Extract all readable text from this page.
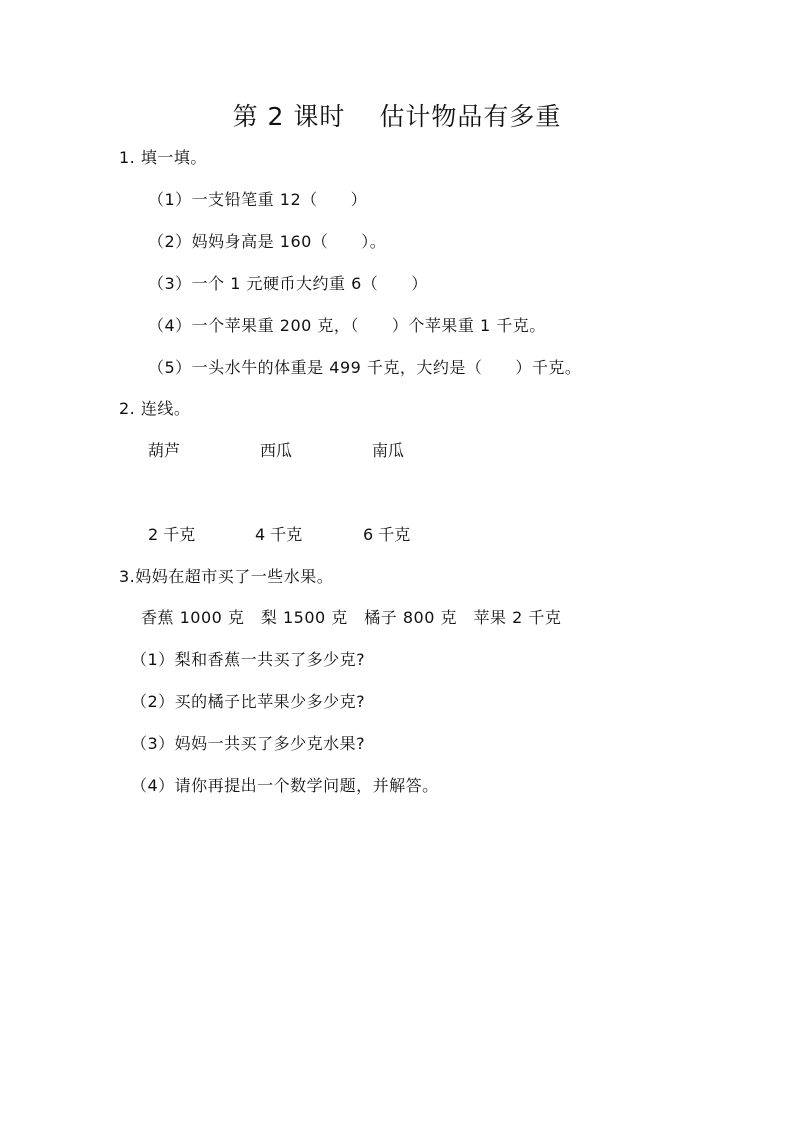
第 2 课时 估计物品有多重
1. 填一填。
（1）一支铅笔重 12（　　）
（2）妈妈身高是 160（　　）。
（3）一个 1 元硬币大约重 6（　　）
（4）一个苹果重 200 克，（　　）个苹果重 1 千克。
（5）一头水牛的体重是 499 千克，大约是（　　）千克。
2. 连线。
葫芦	西瓜	南瓜
2 千克	4 千克	6 千克
3.妈妈在超市买了一些水果。
香蕉 1000 克　梨 1500 克　橘子 800 克　苹果 2 千克
（1）梨和香蕉一共买了多少克?
（2）买的橘子比苹果少多少克?
（3）妈妈一共买了多少克水果?
（4）请你再提出一个数学问题，并解答。
